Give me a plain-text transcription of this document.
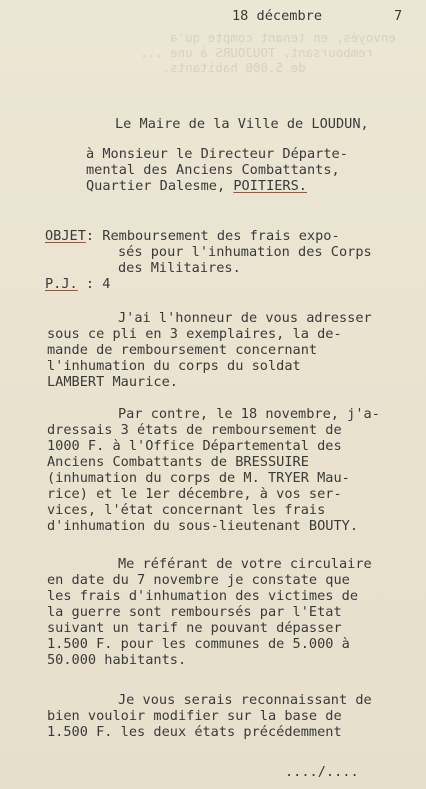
envoyés, en tenant compte qu'a
remboursant, TOUJOURS à une ...
de 5.000 habitants.
18 décembre	7
Le Maire de la Ville de LOUDUN,
à Monsieur le Directeur Départe-
mental des Anciens Combattants,
Quartier Dalesme, POITIERS.
OBJET: Remboursement des frais expo-
sés pour l'inhumation des Corps
des Militaires.
P.J. : 4
J'ai l'honneur de vous adresser
sous ce pli en 3 exemplaires, la de-
mande de remboursement concernant
l'inhumation du corps du soldat
LAMBERT Maurice.
Par contre, le 18 novembre, j'a-
dressais 3 états de remboursement de
1000 F. à l'Office Départemental des
Anciens Combattants de BRESSUIRE
(inhumation du corps de M. TRYER Mau-
rice) et le 1er décembre, à vos ser-
vices, l'état concernant les frais
d'inhumation du sous-lieutenant BOUTY.
Me référant de votre circulaire
en date du 7 novembre je constate que
les frais d'inhumation des victimes de
la guerre sont remboursés par l'Etat
suivant un tarif ne pouvant dépasser
1.500 F. pour les communes de 5.000 à
50.000 habitants.
Je vous serais reconnaissant de
bien vouloir modifier sur la base de
1.500 F. les deux états précédemment
..../....
